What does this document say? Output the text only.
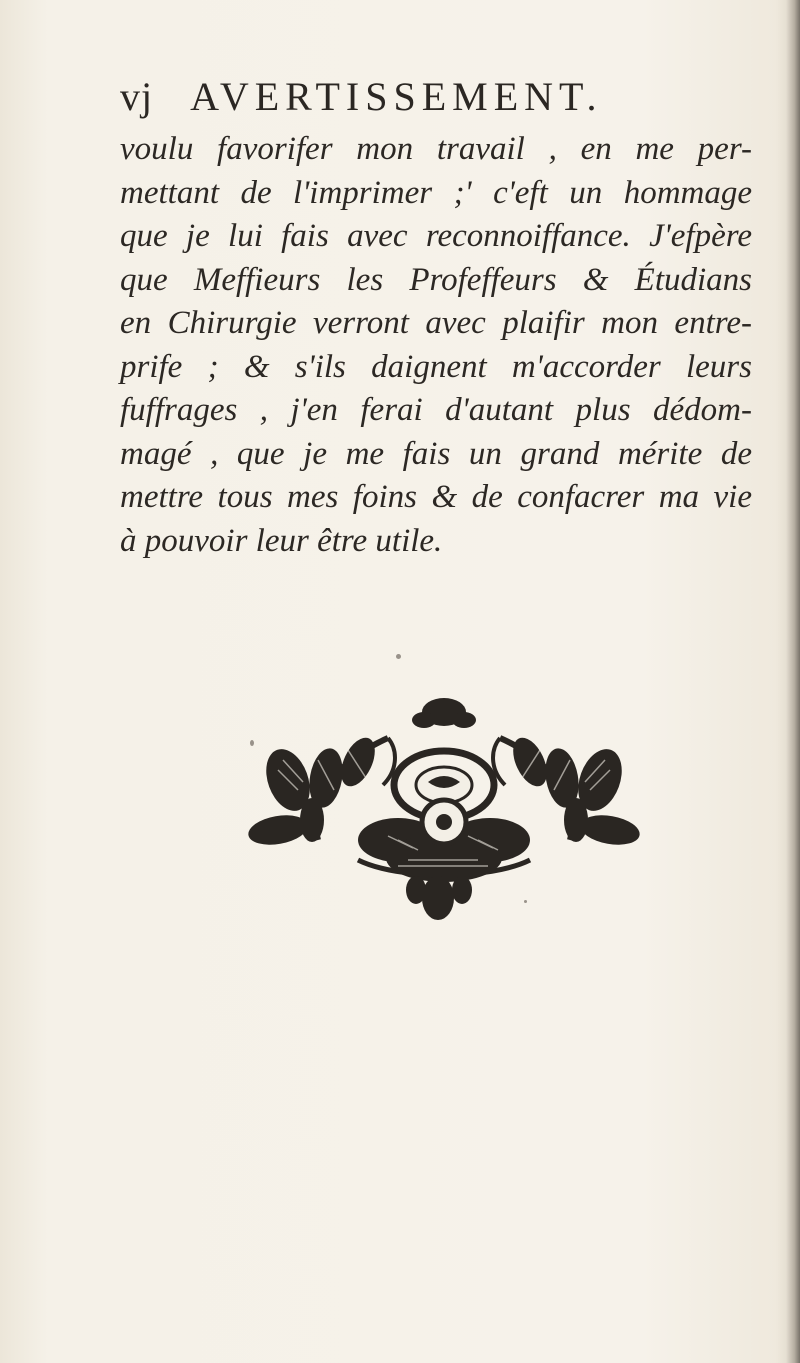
vj AVERTISSEMENT.
voulu favorifer mon travail , en me per-
mettant de l'imprimer ;' c'eft un hommage
que je lui fais avec reconnoiffance. J'efpère
que Meffieurs les Profeffeurs & Étudians
en Chirurgie verront avec plaifir mon entre-
prife ; & s'ils daignent m'accorder leurs
fuffrages , j'en ferai d'autant plus dédom-
magé , que je me fais un grand mérite de
mettre tous mes foins & de confacrer ma vie
à pouvoir leur être utile.
